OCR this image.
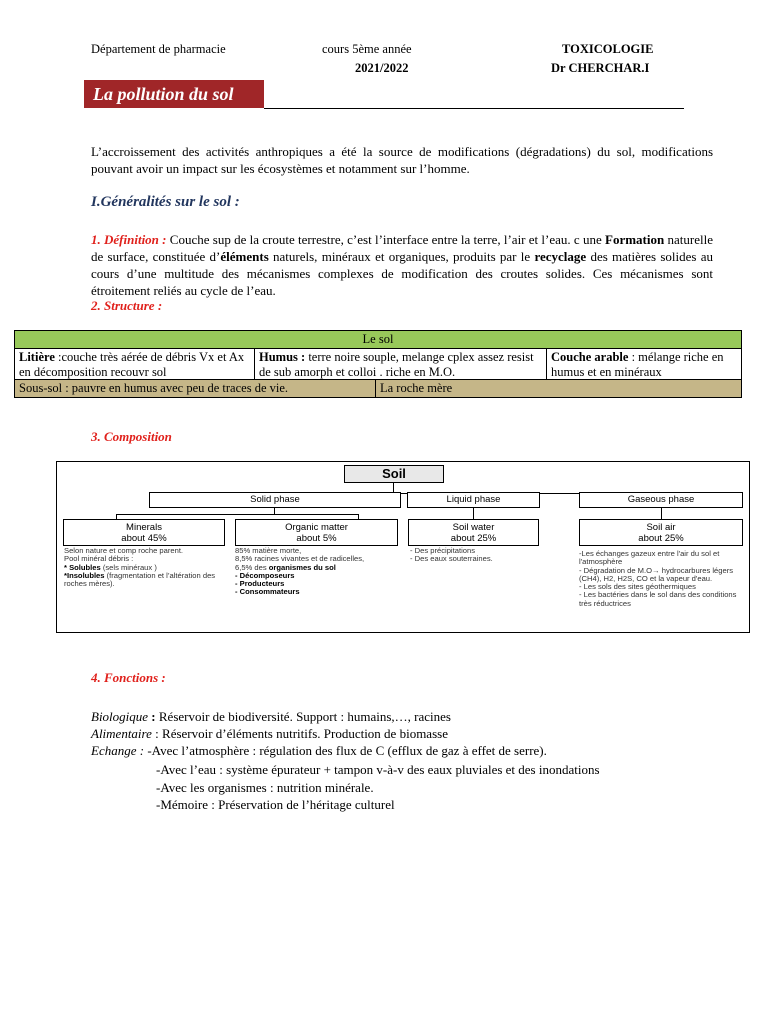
Département de pharmacie	cours 5ème année
2021/2022
TOXICOLOGIE
Dr CHERCHAR.I
La pollution du sol

L’accroissement des activités anthropiques a été la source de modifications (dégradations) du sol, modifications pouvant avoir un impact sur les écosystèmes et notamment sur l’homme.

I.Généralités sur le sol :

1. Définition : Couche sup de la croute terrestre, c’est l’interface entre la terre, l’air et l’eau. c une Formation naturelle de surface, constituée d’éléments naturels, minéraux et organiques, produits par le recyclage des matières solides au cours d’une multitude des mécanismes complexes de modification des croutes solides. Ces mécanismes sont étroitement reliés au cycle de l’eau.

2. Structure :
Le sol
Litière :couche très aérée de débris Vx et Ax en décomposition recouvr sol	Humus : terre noire souple, melange cplex assez resist de sub amorph et colloi . riche en M.O.	Couche arable : mélange riche en humus et en minéraux
Sous-sol : pauvre en humus avec peu de traces de vie.	La roche mère
3. Composition
Soil
Solid phase	Liquid phase	Gaseous phase
Minerals
about 45%
Organic matter
about 5%
Soil water
about 25%
Soil air
about 25%
Selon nature et comp roche parent.
Pool minéral débris :
* Solubles (sels minéraux )
*Insolubles (fragmentation et l’altération des roches mères).
85% matière morte,
8,5% racines vivantes et de radicelles,
6,5% des organismes du sol
- Décomposeurs
- Producteurs
- Consommateurs
- Des précipitations
- Des eaux souterraines.
-Les échanges gazeux entre l'air du sol et l'atmosphère
- Dégradation de M.O→ hydrocarbures légers (CH4), H2, H2S, CO et la vapeur d'eau.
- Les sols des sites géothermiques
- Les bactéries dans le sol dans des conditions très réductrices
4. Fonctions :
Biologique : Réservoir de biodiversité. Support : humains,…, racines
Alimentaire : Réservoir d’éléments nutritifs. Production de biomasse
Echange : -Avec l’atmosphère : régulation des flux de C (efflux de gaz à effet de serre).
-Avec l’eau : système épurateur + tampon v-à-v des eaux pluviales et des inondations
-Avec les organismes : nutrition minérale.
-Mémoire : Préservation de l’héritage culturel
